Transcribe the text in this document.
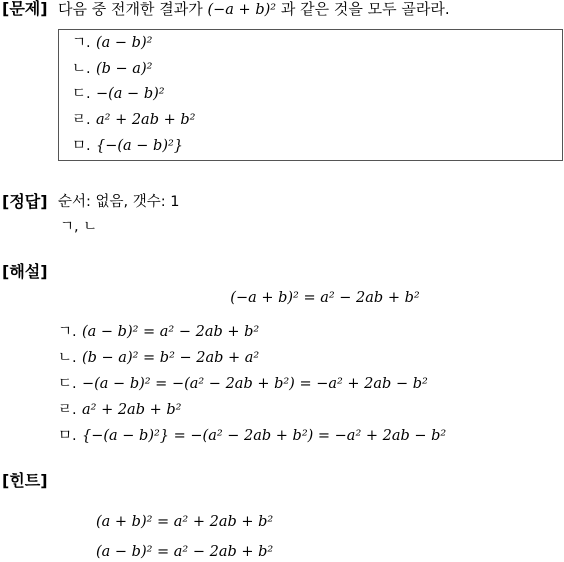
[문제] 다음 중 전개한 결과가 (−a + b)² 과 같은 것을 모두 골라라.
ㄱ. (a − b)²
ㄴ. (b − a)²
ㄷ. −(a − b)²
ㄹ. a² + 2ab + b²
ㅁ. {−(a − b)²}
[정답] 순서: 없음, 갯수: 1
ㄱ, ㄴ
[해설]
(−a + b)² = a² − 2ab + b²
ㄱ. (a − b)² = a² − 2ab + b²
ㄴ. (b − a)² = b² − 2ab + a²
ㄷ. −(a − b)² = −(a² − 2ab + b²) = −a² + 2ab − b²
ㄹ. a² + 2ab + b²
ㅁ. {−(a − b)²} = −(a² − 2ab + b²) = −a² + 2ab − b²
[힌트]
(a + b)² = a² + 2ab + b²
(a − b)² = a² − 2ab + b²
